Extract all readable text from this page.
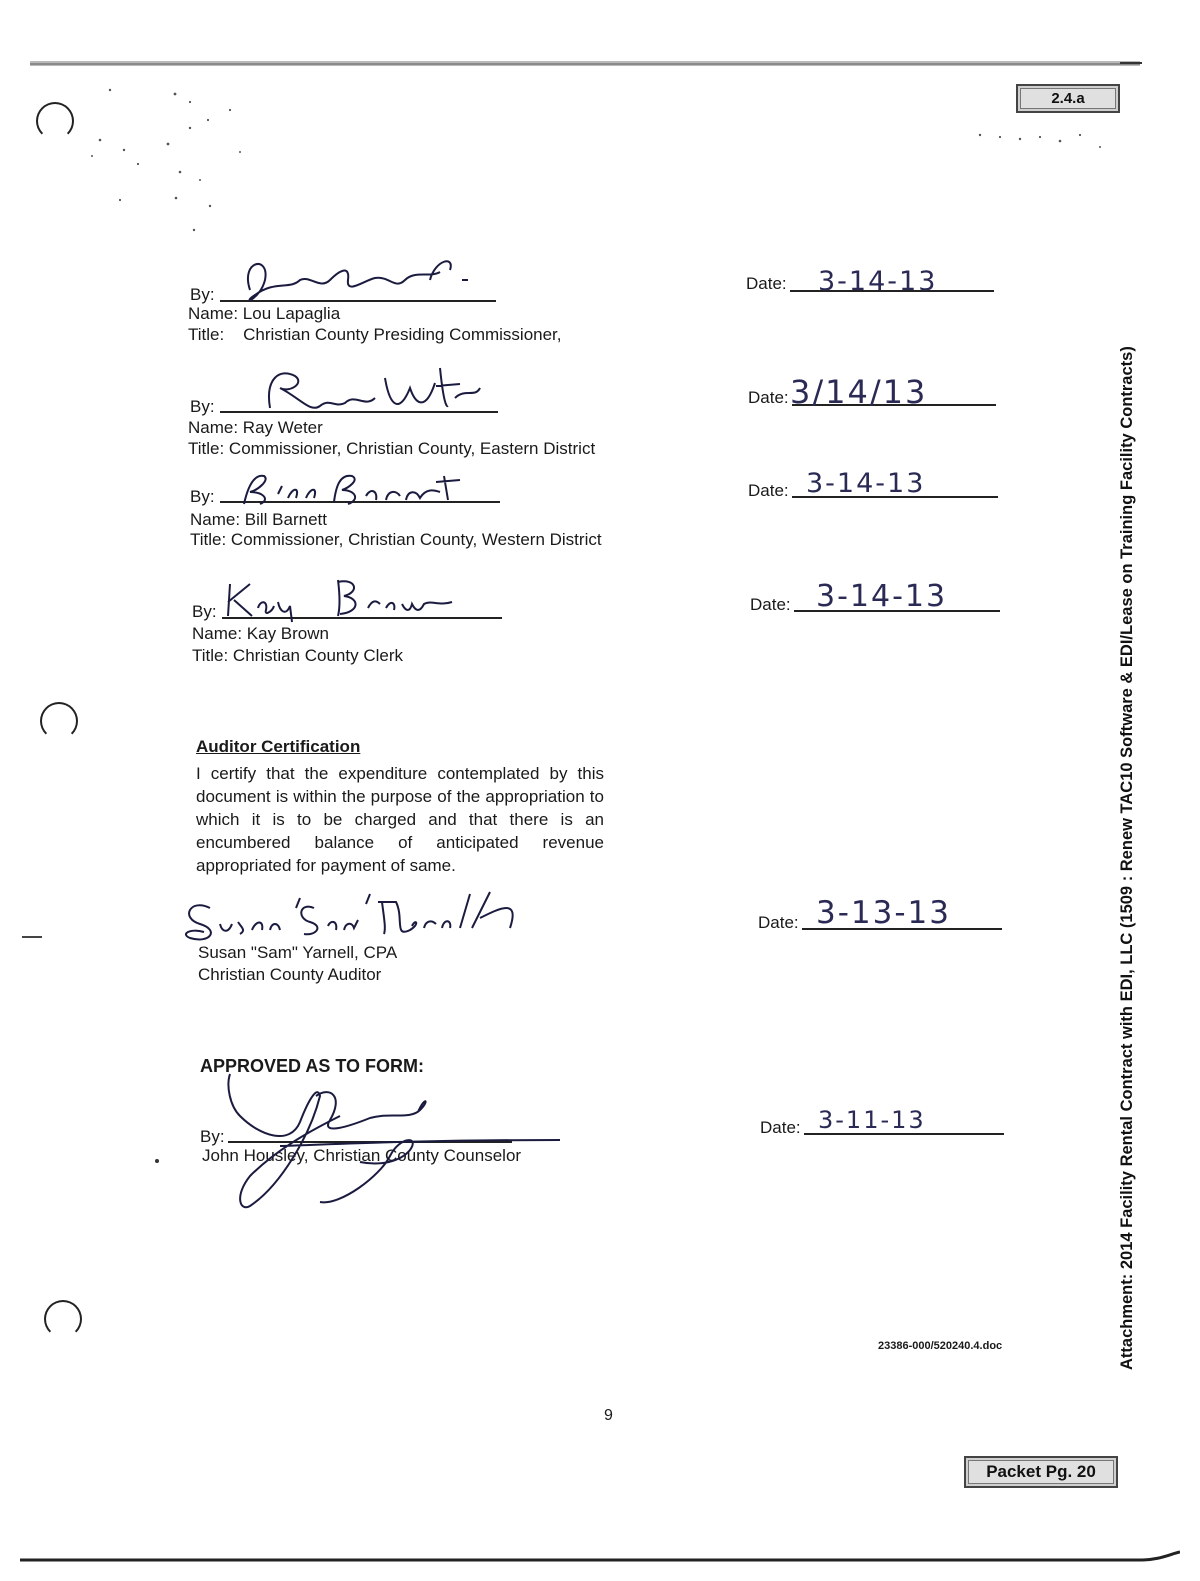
2.4.a
By:
Name: Lou Lapaglia
Title:    Christian County Presiding Commissioner,
Date: 3-14-13
By:
Name: Ray Weter
Title: Commissioner, Christian County, Eastern District
Date: 3/14/13
By:
Name: Bill Barnett
Title: Commissioner, Christian County, Western District
Date: 3-14-13
By:
Name: Kay Brown
Title: Christian County Clerk
Date: 3-14-13
Auditor Certification
I certify that the expenditure contemplated by this document is within the purpose of the appropriation to which it is to be charged and that there is an encumbered balance of anticipated revenue appropriated for payment of same.
Susan "Sam" Yarnell, CPA
Christian County Auditor
Date: 3-13-13
APPROVED AS TO FORM:
By:
John Housley, Christian County Counselor
Date: 3-11-13
23386-000/520240.4.doc
9
Packet Pg. 20
Attachment: 2014 Facility Rental Contract with EDI, LLC (1509 : Renew TAC10 Software & EDI/Lease on Training Facility Contracts)
